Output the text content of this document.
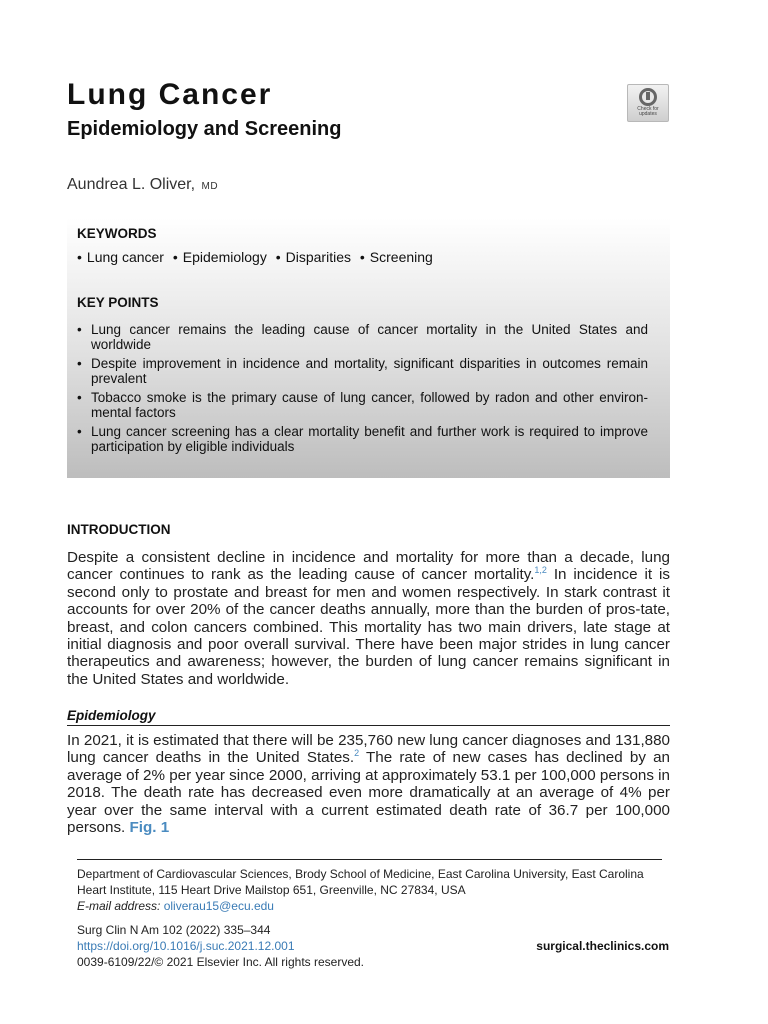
Lung Cancer
Epidemiology and Screening
Check for
updates
Aundrea L. Oliver, MD
KEYWORDS
• Lung cancer • Epidemiology • Disparities • Screening
KEY POINTS
• Lung cancer remains the leading cause of cancer mortality in the United States and worldwide
• Despite improvement in incidence and mortality, significant disparities in outcomes remain prevalent
• Tobacco smoke is the primary cause of lung cancer, followed by radon and other environ-mental factors
• Lung cancer screening has a clear mortality benefit and further work is required to improve participation by eligible individuals
INTRODUCTION

Despite a consistent decline in incidence and mortality for more than a decade, lung cancer continues to rank as the leading cause of cancer mortality.$^{1,2}$ In incidence it is second only to prostate and breast for men and women respectively. In stark contrast it accounts for over 20% of the cancer deaths annually, more than the burden of pros-tate, breast, and colon cancers combined. This mortality has two main drivers, late stage at initial diagnosis and poor overall survival. There have been major strides in lung cancer therapeutics and awareness; however, the burden of lung cancer remains significant in the United States and worldwide.

Epidemiology

In 2021, it is estimated that there will be 235,760 new lung cancer diagnoses and 131,880 lung cancer deaths in the United States.$^2$ The rate of new cases has declined by an average of 2% per year since 2000, arriving at approximately 53.1 per 100,000 persons in 2018. The death rate has decreased even more dramatically at an average of 4% per year over the same interval with a current estimated death rate of 36.7 per 100,000 persons. Fig. 1

Department of Cardiovascular Sciences, Brody School of Medicine, East Carolina University, East Carolina Heart Institute, 115 Heart Drive Mailstop 651, Greenville, NC 27834, USA
E-mail address: oliverau15@ecu.edu
Surg Clin N Am 102 (2022) 335–344
https://doi.org/10.1016/j.suc.2021.12.001
0039-6109/22/© 2021 Elsevier Inc. All rights reserved.
surgical.theclinics.com
